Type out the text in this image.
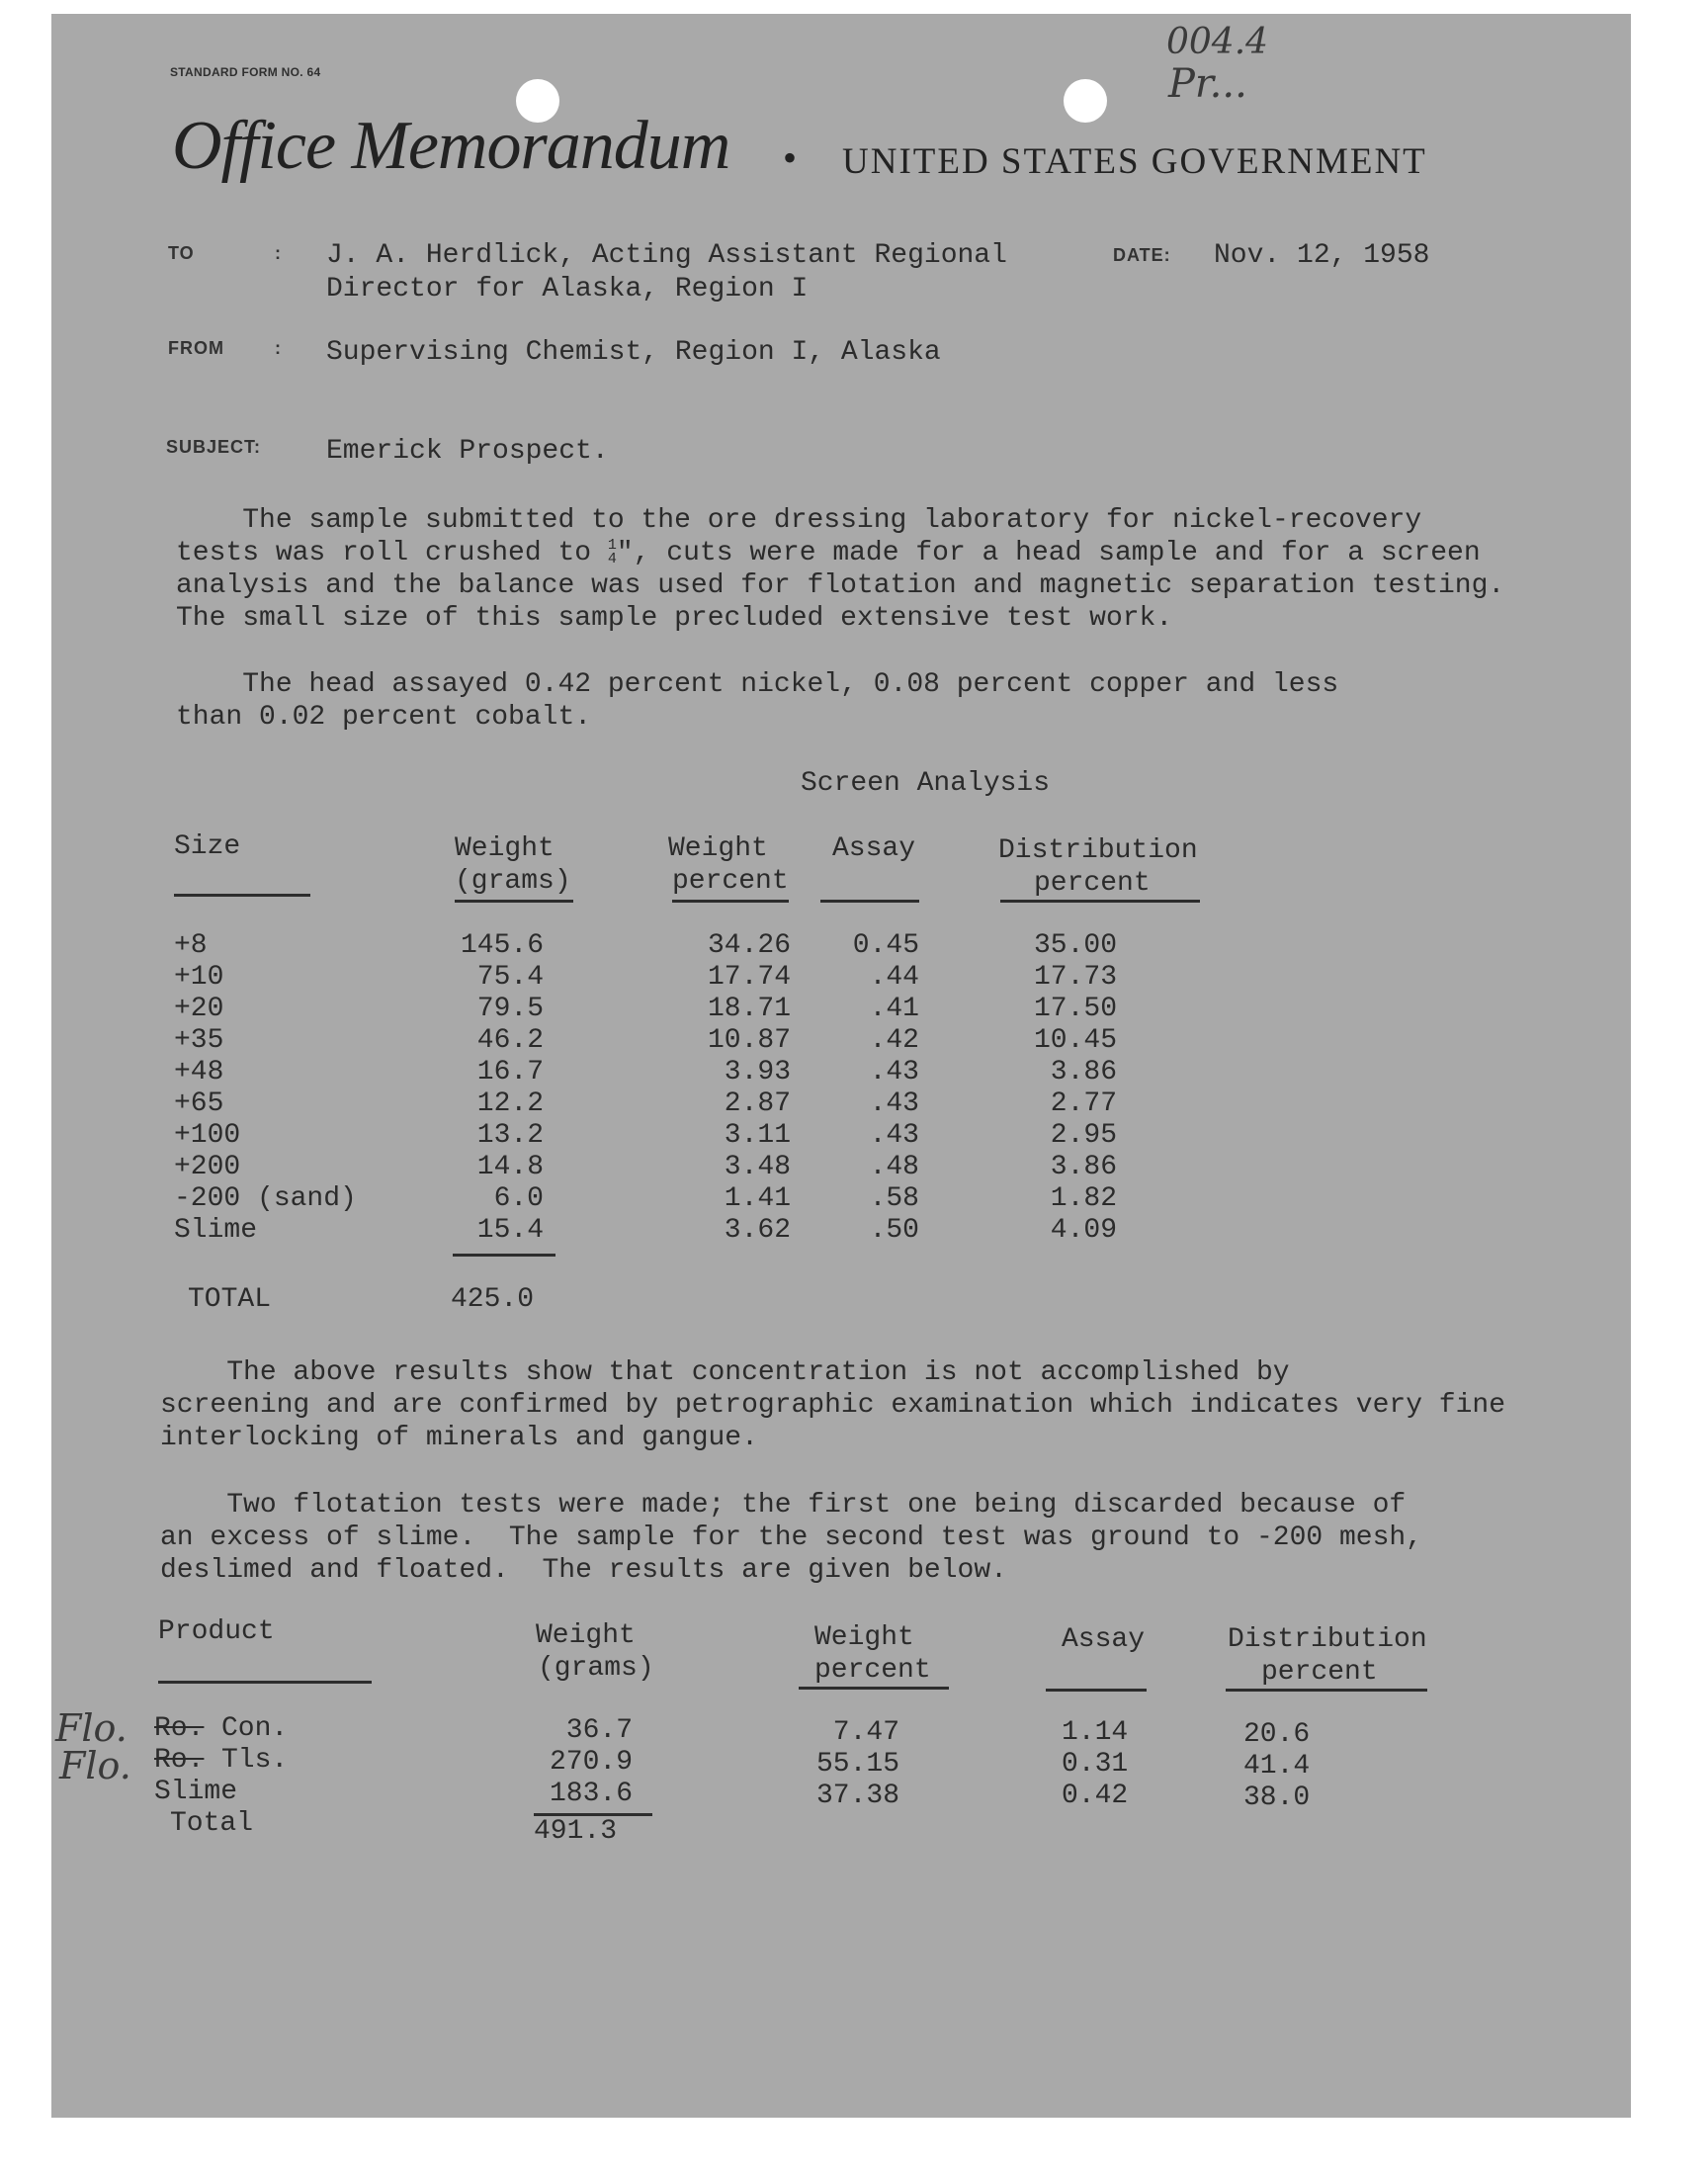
004.4
Pr...
STANDARD FORM NO. 64
Office Memorandum • UNITED STATES GOVERNMENT
TO	: J. A. Herdlick, Acting Assistant Regional
Director for Alaska, Region I
DATE: Nov. 12, 1958
FROM	: Supervising Chemist, Region I, Alaska
SUBJECT: Emerick Prospect.
The sample submitted to the ore dressing laboratory for nickel-recovery
tests was roll crushed to 1
4", cuts were made for a head sample and for a screen
analysis and the balance was used for flotation and magnetic separation testing.
The small size of this sample precluded extensive test work.
The head assayed 0.42 percent nickel, 0.08 percent copper and less
than 0.02 percent cobalt.
Screen Analysis
Size	Weight
(grams)
Weight
percent
Assay	Distribution
percent
+8	145.6	34.26	0.45	35.00
+10	75.4	17.74	.44	17.73
+20	79.5	18.71	.41	17.50
+35	46.2	10.87	.42	10.45
+48	16.7	3.93	.43	3.86
+65	12.2	2.87	.43	2.77
+100	13.2	3.11	.43	2.95
+200	14.8	3.48	.48	3.86
-200 (sand)	6.0	1.41	.58	1.82
Slime	15.4	3.62	.50	4.09
TOTAL	425.0
The above results show that concentration is not accomplished by
screening and are confirmed by petrographic examination which indicates very fine
interlocking of minerals and gangue.
Two flotation tests were made; the first one being discarded because of
an excess of slime.  The sample for the second test was ground to -200 mesh,
deslimed and floated.  The results are given below.
Product	Weight
(grams)
Weight
percent
Assay	Distribution
percent
Flo.
Flo.
Ro. Con.	36.7	7.47	1.14	20.6
Ro. Tls.	270.9	55.15	0.31	41.4
Slime	183.6	37.38	0.42	38.0
Total	491.3
